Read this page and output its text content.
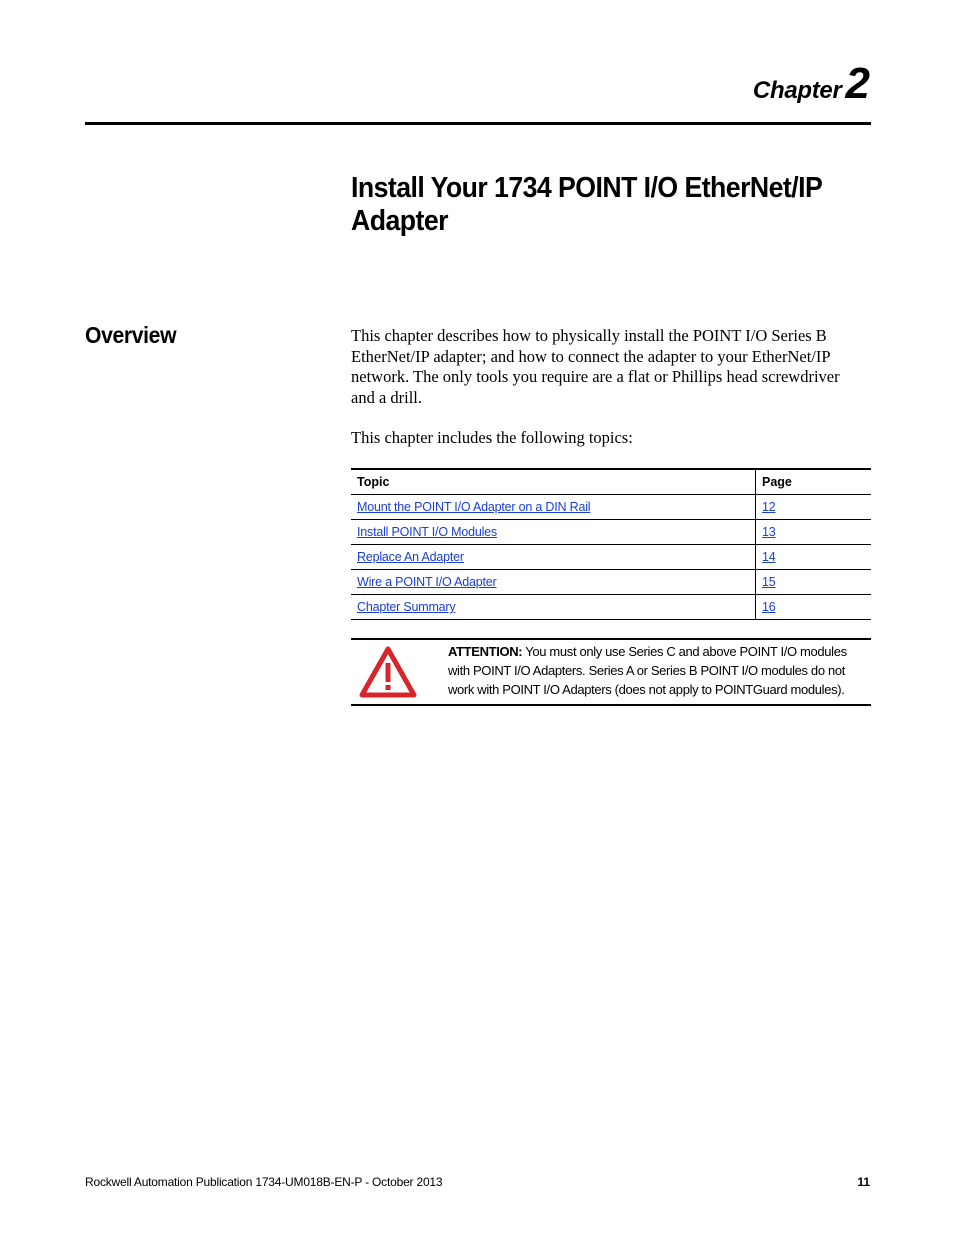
Chapter2
Install Your 1734 POINT I/O EtherNet/IP Adapter
Overview	This chapter describes how to physically install the POINT I/O Series B EtherNet/IP adapter; and how to connect the adapter to your EtherNet/IP network. The only tools you require are a flat or Phillips head screwdriver and a drill.

This chapter includes the following topics:

Topic	Page
Mount the POINT I/O Adapter on a DIN Rail	12
Install POINT I/O Modules	13
Replace An Adapter	14
Wire a POINT I/O Adapter	15
Chapter Summary	16

ATTENTION: You must only use Series C and above POINT I/O modules with POINT I/O Adapters. Series A or Series B POINT I/O modules do not work with POINT I/O Adapters (does not apply to POINTGuard modules).

Rockwell Automation Publication 1734-UM018B-EN-P - October 2013	11
